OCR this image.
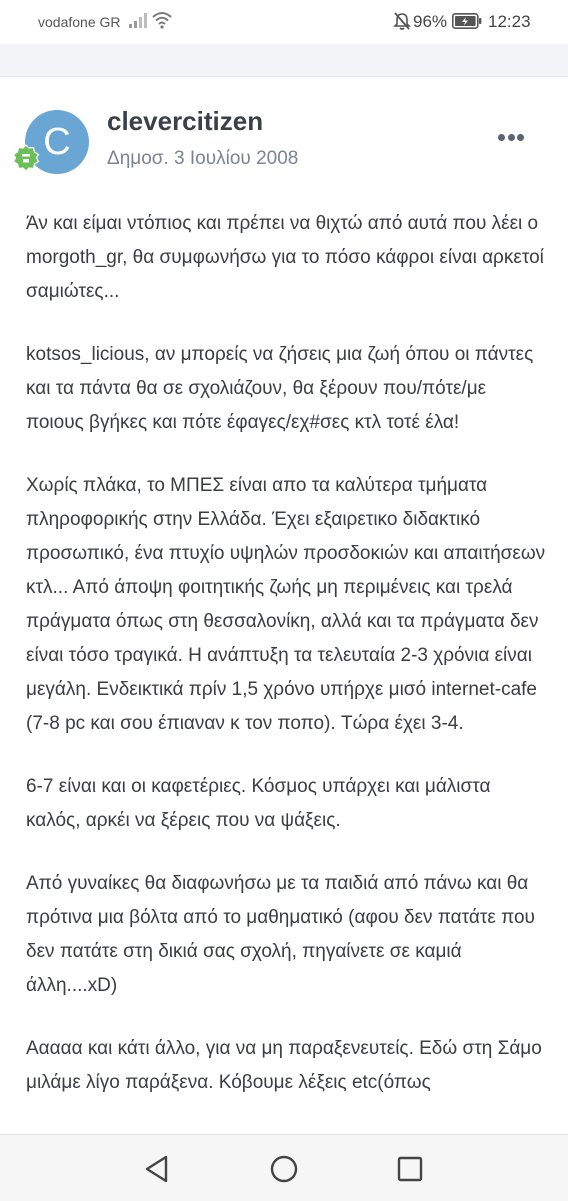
vodafone GR	96% 12:23
C	clevercitizen
Δημοσ. 3 Ιουλίου 2008

Άν και είμαι ντόπιος και πρέπει να θιχτώ από αυτά που λέει ο morgoth_gr, θα συμφωνήσω για το πόσο κάφροι είναι αρκετοί σαμιώτες...

kotsos_licious, αν μπορείς να ζήσεις μια ζωή όπου οι πάντες και τα πάντα θα σε σχολιάζουν, θα ξέρουν που/πότε/με ποιους βγήκες και πότε έφαγες/εχ#σες κτλ τοτέ έλα!

Χωρίς πλάκα, το ΜΠΕΣ είναι απο τα καλύτερα τμήματα πληροφορικής στην Ελλάδα. Έχει εξαιρετικο διδακτικό προσωπικό, ένα πτυχίο υψηλών προσδοκιών και απαιτήσεων κτλ... Από άποψη φοιτητικής ζωής μη περιμένεις και τρελά πράγματα όπως στη θεσσαλονίκη, αλλά και τα πράγματα δεν είναι τόσο τραγικά. Η ανάπτυξη τα τελευταία 2-3 χρόνια είναι μεγάλη. Ενδεικτικά πρίν 1,5 χρόνο υπήρχε μισό internet-cafe (7-8 pc και σου έπιαναν κ τον ποπο). Τώρα έχει 3-4.

6-7 είναι και οι καφετέριες. Κόσμος υπάρχει και μάλιστα καλός, αρκέι να ξέρεις που να ψάξεις.

Από γυναίκες θα διαφωνήσω με τα παιδιά από πάνω και θα πρότινα μια βόλτα από το μαθηματικό (αφου δεν πατάτε που δεν πατάτε στη δικιά σας σχολή, πηγαίνετε σε καμιά άλλη....xD)

Ααααα και κάτι άλλο, για να μη παραξενευτείς. Εδώ στη Σάμο μιλάμε λίγο παράξενα. Κόβουμε λέξεις etc(όπως
